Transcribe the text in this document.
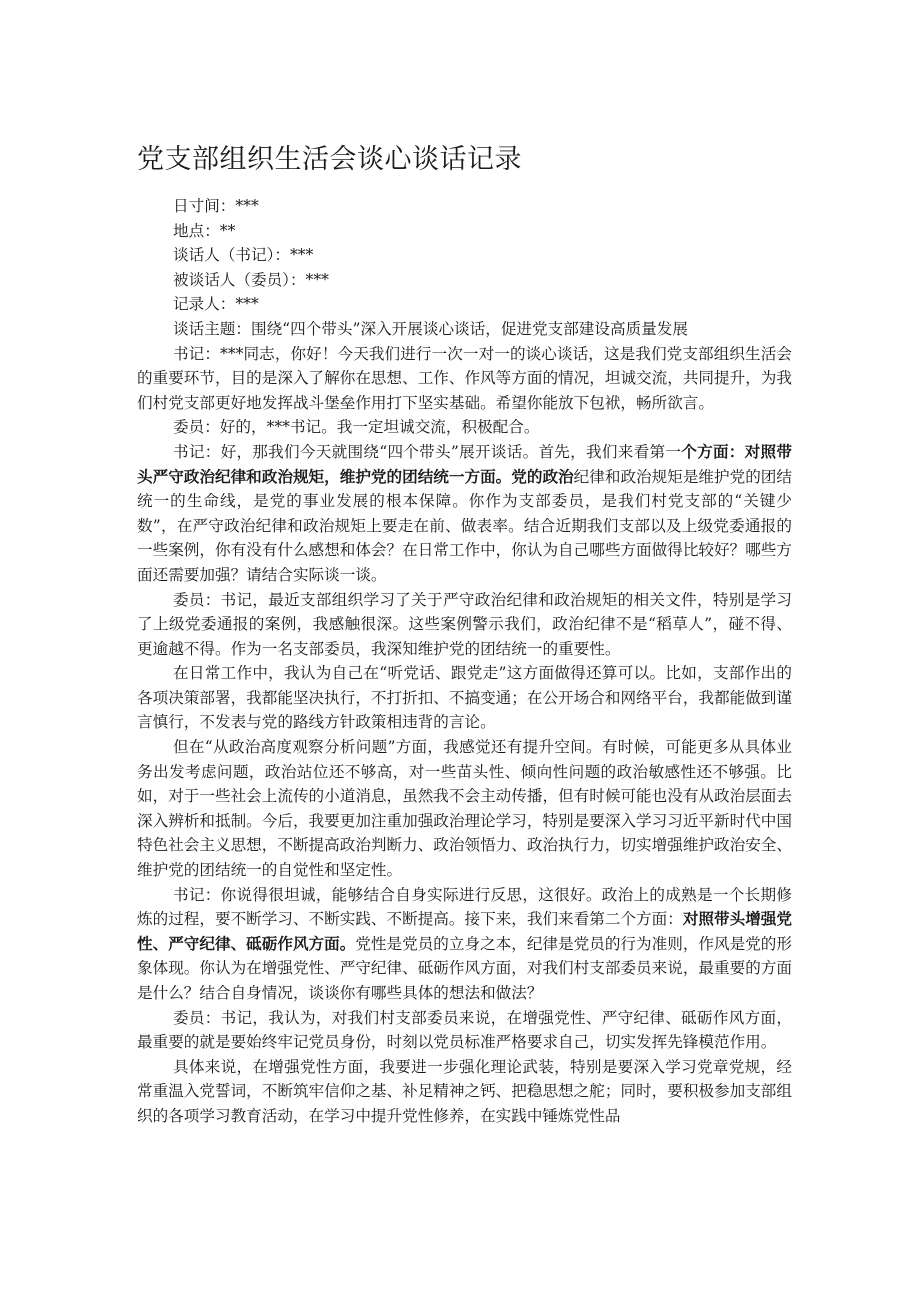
党支部组织生活会谈心谈话记录

日寸间：***

地点：**

谈话人（书记）：***

被谈话人（委员）：***

记录人：***

谈话主题：围绕“四个带头”深入开展谈心谈话，促进党支部建设高质量发展

书记：***同志，你好！今天我们进行一次一对一的谈心谈话，这是我们党支部组织生活会的重要环节，目的是深入了解你在思想、工作、作风等方面的情况，坦诚交流，共同提升，为我们村党支部更好地发挥战斗堡垒作用打下坚实基础。希望你能放下包袱，畅所欲言。

委员：好的，***书记。我一定坦诚交流，积极配合。

书记：好，那我们今天就围绕“四个带头”展开谈话。首先，我们来看第一个方面：对照带头严守政治纪律和政治规矩，维护党的团结统一方面。党的政治纪律和政治规矩是维护党的团结统一的生命线，是党的事业发展的根本保障。你作为支部委员，是我们村党支部的“关键少数”，在严守政治纪律和政治规矩上要走在前、做表率。结合近期我们支部以及上级党委通报的一些案例，你有没有什么感想和体会？在日常工作中，你认为自己哪些方面做得比较好？哪些方面还需要加强？请结合实际谈一谈。

委员：书记，最近支部组织学习了关于严守政治纪律和政治规矩的相关文件，特别是学习了上级党委通报的案例，我感触很深。这些案例警示我们，政治纪律不是“稻草人”，碰不得、更逾越不得。作为一名支部委员，我深知维护党的团结统一的重要性。

在日常工作中，我认为自己在“听党话、跟党走”这方面做得还算可以。比如，支部作出的各项决策部署，我都能坚决执行，不打折扣、不搞变通；在公开场合和网络平台，我都能做到谨言慎行，不发表与党的路线方针政策相违背的言论。

但在“从政治高度观察分析问题”方面，我感觉还有提升空间。有时候，可能更多从具体业务出发考虑问题，政治站位还不够高，对一些苗头性、倾向性问题的政治敏感性还不够强。比如，对于一些社会上流传的小道消息，虽然我不会主动传播，但有时候可能也没有从政治层面去深入辨析和抵制。今后，我要更加注重加强政治理论学习，特别是要深入学习习近平新时代中国特色社会主义思想，不断提高政治判断力、政治领悟力、政治执行力，切实增强维护政治安全、维护党的团结统一的自觉性和坚定性。

书记：你说得很坦诚，能够结合自身实际进行反思，这很好。政治上的成熟是一个长期修炼的过程，要不断学习、不断实践、不断提高。接下来，我们来看第二个方面：对照带头增强党性、严守纪律、砥砺作风方面。党性是党员的立身之本，纪律是党员的行为准则，作风是党的形象体现。你认为在增强党性、严守纪律、砥砺作风方面，对我们村支部委员来说，最重要的方面是什么？结合自身情况，谈谈你有哪些具体的想法和做法？

委员：书记，我认为，对我们村支部委员来说，在增强党性、严守纪律、砥砺作风方面，最重要的就是要始终牢记党员身份，时刻以党员标准严格要求自己，切实发挥先锋模范作用。

具体来说，在增强党性方面，我要进一步强化理论武装，特别是要深入学习党章党规，经常重温入党誓词，不断筑牢信仰之基、补足精神之钙、把稳思想之舵；同时，要积极参加支部组织的各项学习教育活动，在学习中提升党性修养，在实践中锤炼党性品
